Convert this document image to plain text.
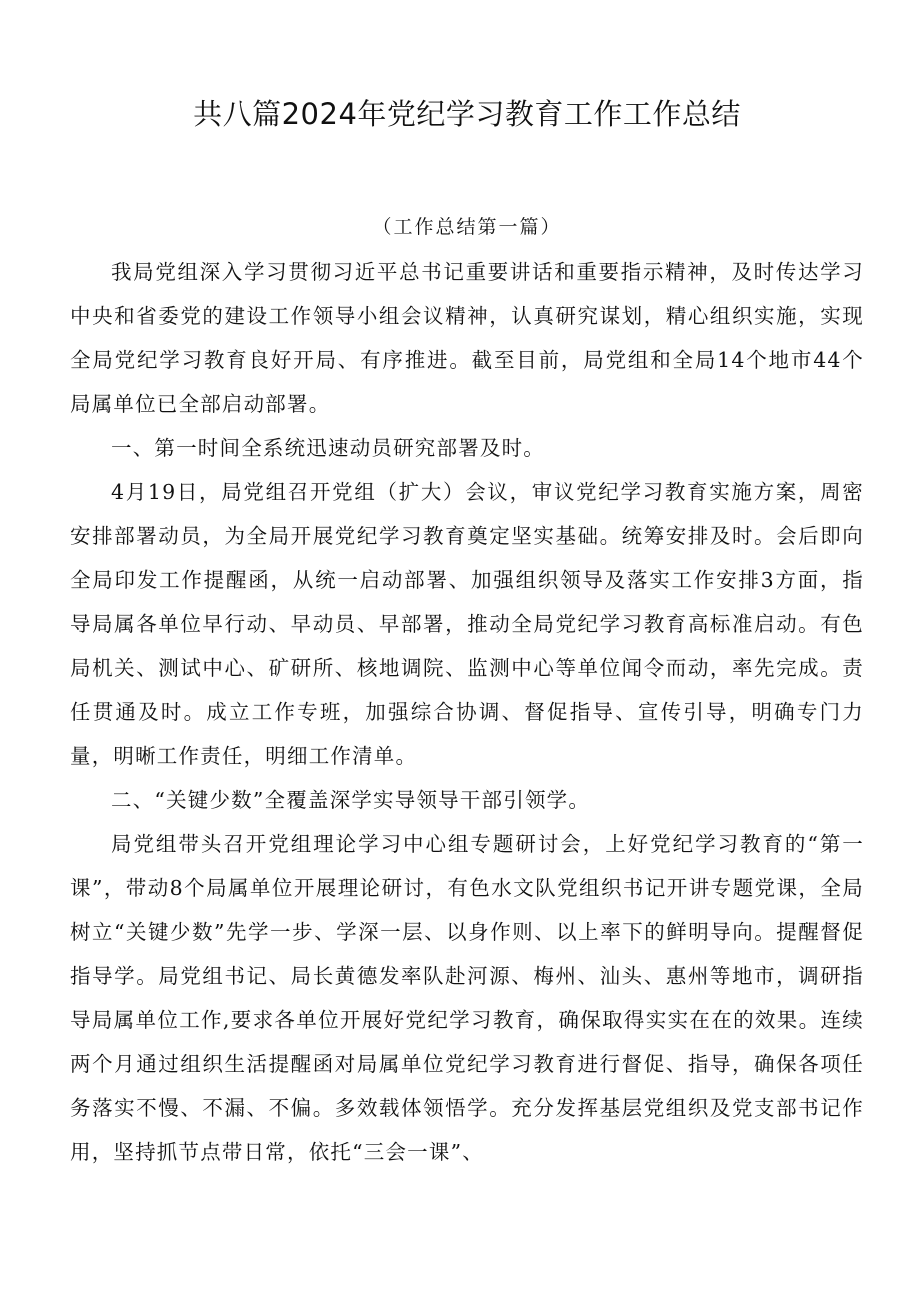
共八篇2024年党纪学习教育工作工作总结
（工作总结第一篇）

我局党组深入学习贯彻习近平总书记重要讲话和重要指示精神，及时传达学习中央和省委党的建设工作领导小组会议精神，认真研究谋划，精心组织实施，实现全局党纪学习教育良好开局、有序推进。截至目前，局党组和全局14个地市44个局属单位已全部启动部署。

一、第一时间全系统迅速动员研究部署及时。

4月19日，局党组召开党组（扩大）会议，审议党纪学习教育实施方案，周密安排部署动员，为全局开展党纪学习教育奠定坚实基础。统筹安排及时。会后即向全局印发工作提醒函，从统一启动部署、加强组织领导及落实工作安排3方面，指导局属各单位早行动、早动员、早部署，推动全局党纪学习教育高标准启动。有色局机关、测试中心、矿研所、核地调院、监测中心等单位闻令而动，率先完成。责任贯通及时。成立工作专班，加强综合协调、督促指导、宣传引导，明确专门力量，明晰工作责任，明细工作清单。

二、“关键少数”全覆盖深学实导领导干部引领学。

局党组带头召开党组理论学习中心组专题研讨会，上好党纪学习教育的“第一课”，带动8个局属单位开展理论研讨，有色水文队党组织书记开讲专题党课，全局树立“关键少数”先学一步、学深一层、以身作则、以上率下的鲜明导向。提醒督促指导学。局党组书记、局长黄德发率队赴河源、梅州、汕头、惠州等地市，调研指导局属单位工作,要求各单位开展好党纪学习教育，确保取得实实在在的效果。连续两个月通过组织生活提醒函对局属单位党纪学习教育进行督促、指导，确保各项任务落实不慢、不漏、不偏。多效载体领悟学。充分发挥基层党组织及党支部书记作用，坚持抓节点带日常，依托“三会一课”、
